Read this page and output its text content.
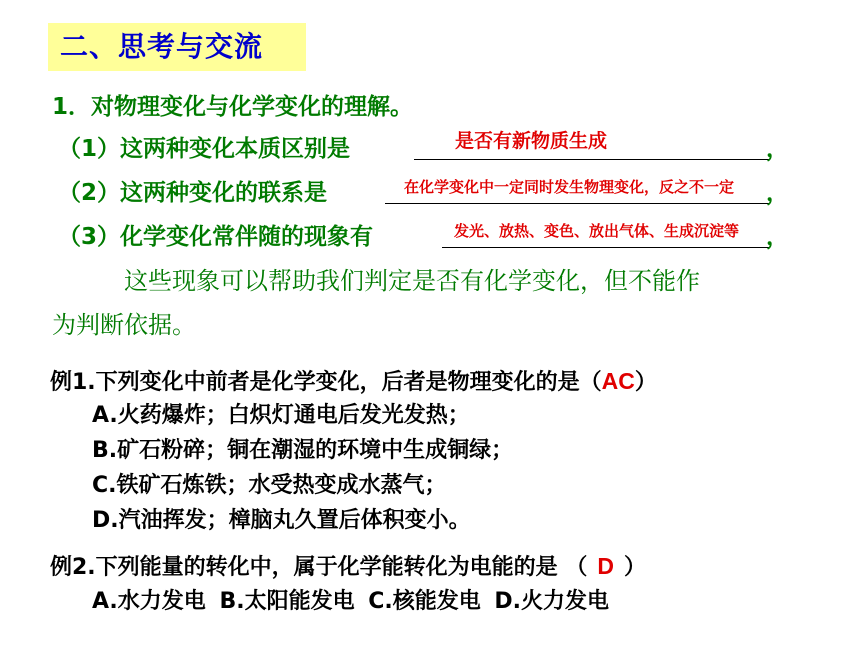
二、思考与交流
1．对物理变化与化学变化的理解。
（1）这两种变化本质区别是	是否有新物质生成	，
（2）这两种变化的联系是	在化学变化中一定同时发生物理变化，反之不一定 ，
（3）化学变化常伴随的现象有	发光、放热、变色、放出气体、生成沉淀等 ，
这些现象可以帮助我们判定是否有化学变化，但不能作
为判断依据。
例1.下列变化中前者是化学变化，后者是物理变化的是（AC）
A.火药爆炸；白炽灯通电后发光发热；
B.矿石粉碎；铜在潮湿的环境中生成铜绿；
C.铁矿石炼铁；水受热变成水蒸气；
D.汽油挥发；樟脑丸久置后体积变小。
例2.下列能量的转化中，属于化学能转化为电能的是 （ D ）
A.水力发电 B.太阳能发电 C.核能发电 D.火力发电
